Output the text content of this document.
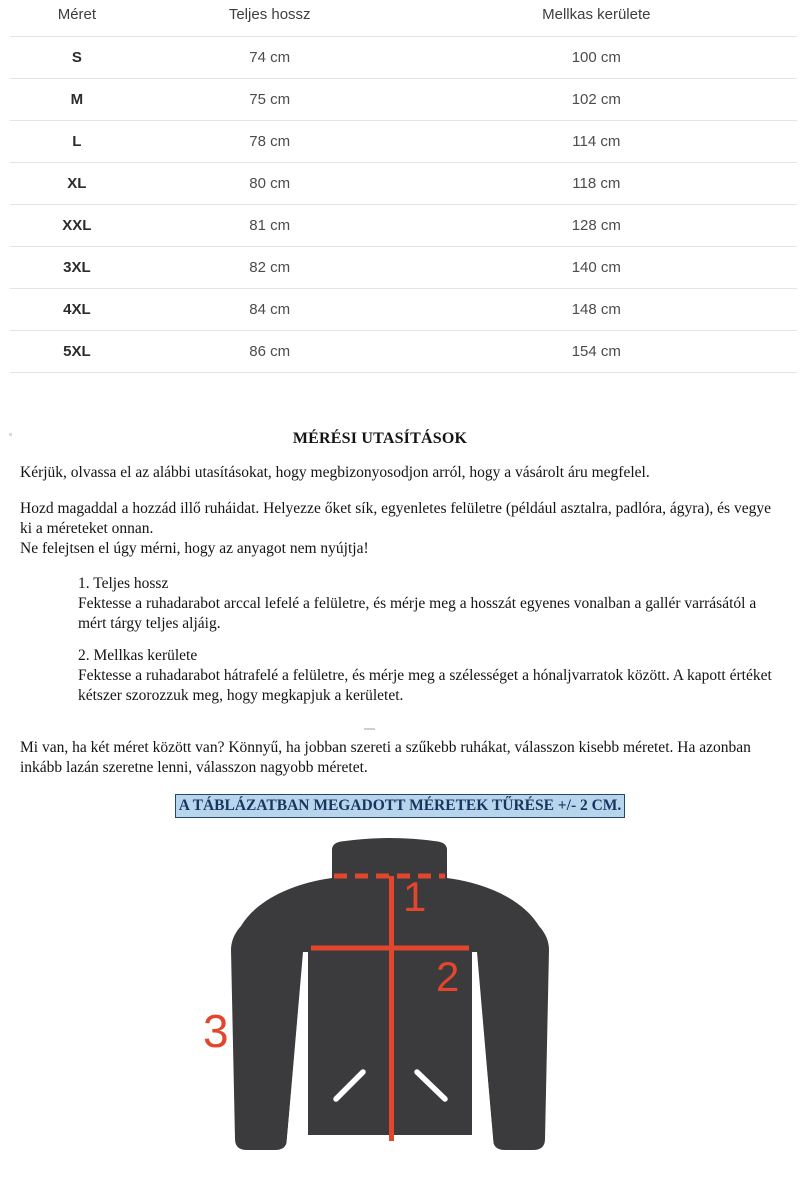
Méret	Teljes hossz	Mellkas kerülete
S	74 cm	100 cm
M	75 cm	102 cm
L	78 cm	114 cm
XL	80 cm	118 cm
XXL	81 cm	128 cm
3XL	82 cm	140 cm
4XL	84 cm	148 cm
5XL	86 cm	154 cm
MÉRÉSI UTASÍTÁSOK

Kérjük, olvassa el az alábbi utasításokat, hogy megbizonyosodjon arról, hogy a vásárolt áru megfelel.

Hozd magaddal a hozzád illő ruháidat. Helyezze őket sík, egyenletes felületre (például asztalra, padlóra, ágyra), és vegye ki a méreteket onnan.
Ne felejtsen el úgy mérni, hogy az anyagot nem nyújtja!

1. Teljes hossz
Fektesse a ruhadarabot arccal lefelé a felületre, és mérje meg a hosszát egyenes vonalban a gallér varrásától a mért tárgy teljes aljáig.
2. Mellkas kerülete
Fektesse a ruhadarabot hátrafelé a felületre, és mérje meg a szélességet a hónaljvarratok között. A kapott értéket kétszer szorozzuk meg, hogy megkapjuk a kerületet.

Mi van, ha két méret között van? Könnyű, ha jobban szereti a szűkebb ruhákat, válasszon kisebb méretet. Ha azonban inkább lazán szeretne lenni, válasszon nagyobb méretet.

A TÁBLÁZATBAN MEGADOTT MÉRETEK TŰRÉSE +/- 2 CM.
1
2
3
